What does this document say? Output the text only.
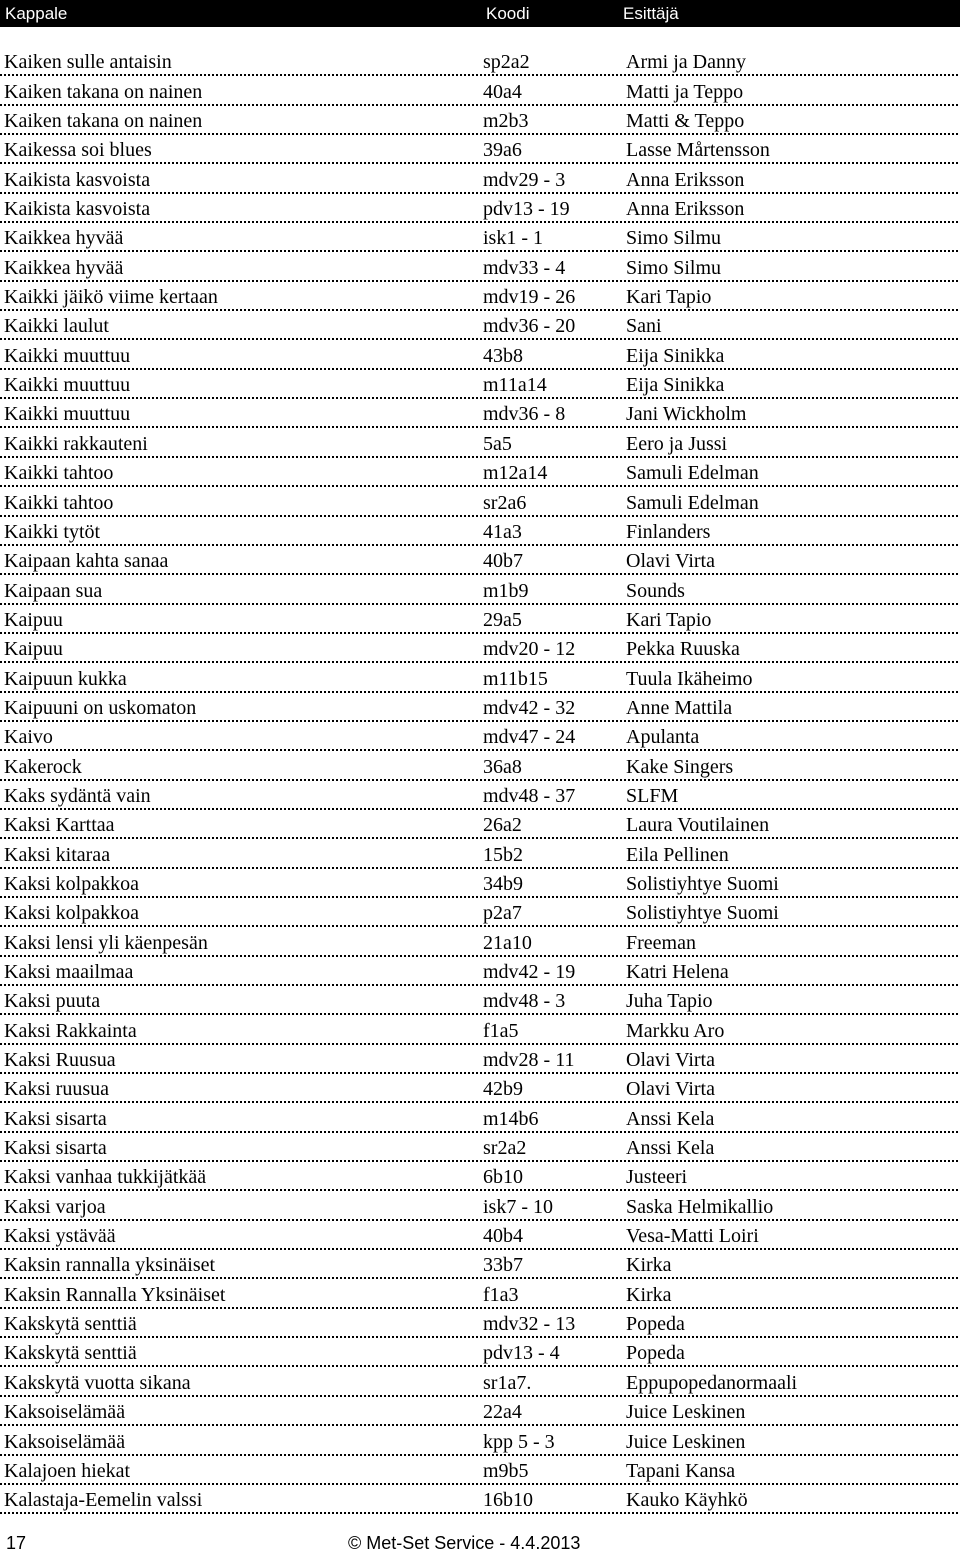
Kappale	Koodi	Esittäjä
Kaiken sulle antaisin	sp2a2	Armi ja Danny
Kaiken takana on nainen	40a4	Matti ja Teppo
Kaiken takana on nainen	m2b3	Matti & Teppo
Kaikessa soi blues	39a6	Lasse Mårtensson
Kaikista kasvoista	mdv29 - 3	Anna Eriksson
Kaikista kasvoista	pdv13 - 19	Anna Eriksson
Kaikkea hyvää	isk1 - 1	Simo Silmu
Kaikkea hyvää	mdv33 - 4	Simo Silmu
Kaikki jäikö viime kertaan	mdv19 - 26	Kari Tapio
Kaikki laulut	mdv36 - 20	Sani
Kaikki muuttuu	43b8	Eija Sinikka
Kaikki muuttuu	m11a14	Eija Sinikka
Kaikki muuttuu	mdv36 - 8	Jani Wickholm
Kaikki rakkauteni	5a5	Eero ja Jussi
Kaikki tahtoo	m12a14	Samuli Edelman
Kaikki tahtoo	sr2a6	Samuli Edelman
Kaikki tytöt	41a3	Finlanders
Kaipaan kahta sanaa	40b7	Olavi Virta
Kaipaan sua	m1b9	Sounds
Kaipuu	29a5	Kari Tapio
Kaipuu	mdv20 - 12	Pekka Ruuska
Kaipuun kukka	m11b15	Tuula Ikäheimo
Kaipuuni on uskomaton	mdv42 - 32	Anne Mattila
Kaivo	mdv47 - 24	Apulanta
Kakerock	36a8	Kake Singers
Kaks sydäntä vain	mdv48 - 37	SLFM
Kaksi Karttaa	26a2	Laura Voutilainen
Kaksi kitaraa	15b2	Eila Pellinen
Kaksi kolpakkoa	34b9	Solistiyhtye Suomi
Kaksi kolpakkoa	p2a7	Solistiyhtye Suomi
Kaksi lensi yli käenpesän	21a10	Freeman
Kaksi maailmaa	mdv42 - 19	Katri Helena
Kaksi puuta	mdv48 - 3	Juha Tapio
Kaksi Rakkainta	f1a5	Markku Aro
Kaksi Ruusua	mdv28 - 11	Olavi Virta
Kaksi ruusua	42b9	Olavi Virta
Kaksi sisarta	m14b6	Anssi Kela
Kaksi sisarta	sr2a2	Anssi Kela
Kaksi vanhaa tukkijätkää	6b10	Justeeri
Kaksi varjoa	isk7 - 10	Saska Helmikallio
Kaksi ystävää	40b4	Vesa-Matti Loiri
Kaksin rannalla yksinäiset	33b7	Kirka
Kaksin Rannalla Yksinäiset	f1a3	Kirka
Kakskytä senttiä	mdv32 - 13	Popeda
Kakskytä senttiä	pdv13 - 4	Popeda
Kakskytä vuotta sikana	sr1a7.	Eppupopedanormaali
Kaksoiselämää	22a4	Juice Leskinen
Kaksoiselämää	kpp 5 - 3	Juice Leskinen
Kalajoen hiekat	m9b5	Tapani Kansa
Kalastaja-Eemelin valssi	16b10	Kauko Käyhkö
17	© Met-Set Service - 4.4.2013
